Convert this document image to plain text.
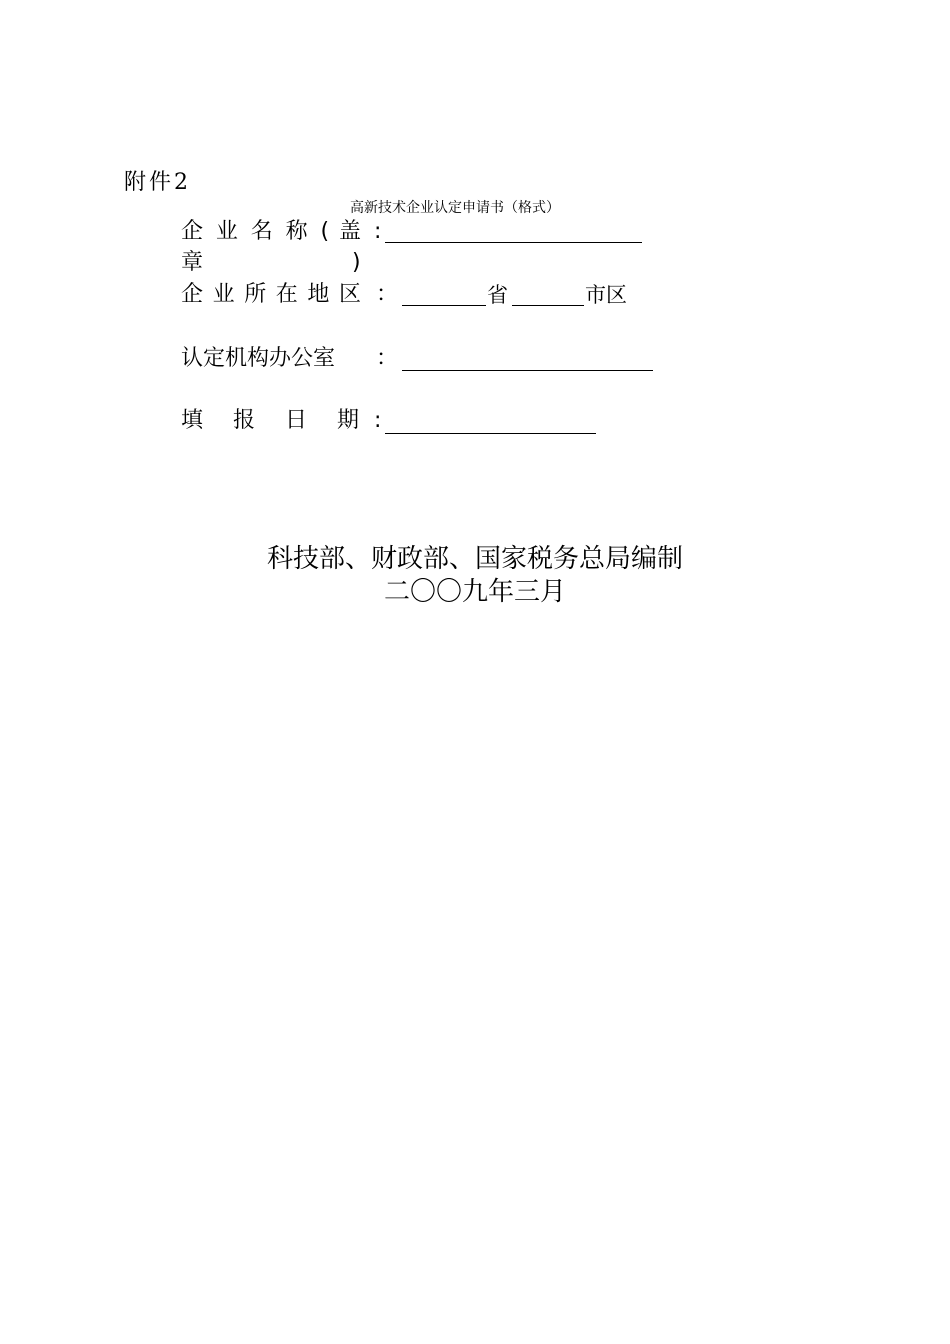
附件2
高新技术企业认定申请书（格式）
企 业 名 称 ( 盖 :
章	)
企 业 所 在 地 区 ：	省	市区
认定机构办公室 ：
填 报 日 期 :
科技部、财政部、国家税务总局编制
二〇〇九年三月
